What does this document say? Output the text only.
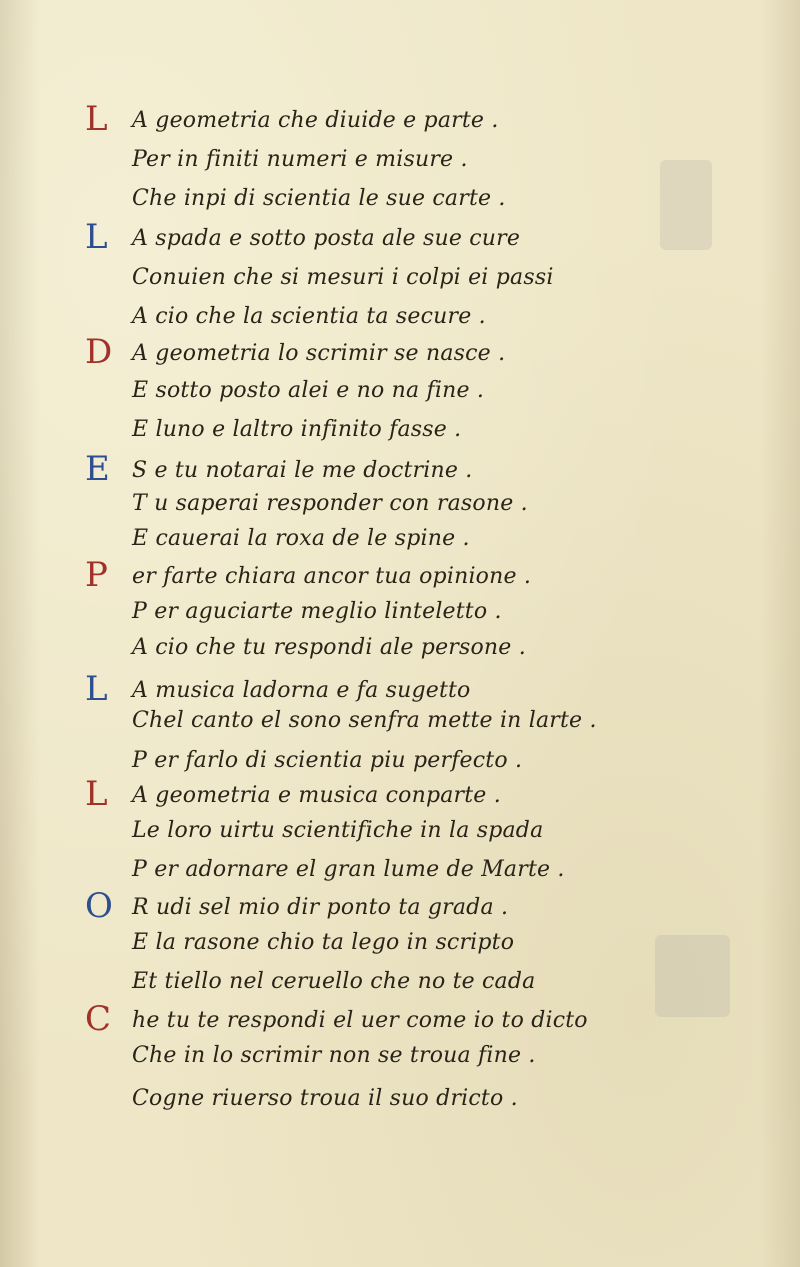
L	A geometria che diuide e parte .
Per in finiti numeri e misure .
Che inpi di scientia le sue carte .
L	A spada e sotto posta ale sue cure
Conuien che si mesuri i colpi ei passi
A cio che la scientia ta secure .
D A geometria lo scrimir se nasce .
E sotto posto alei e no na fine .
E luno e laltro infinito fasse .
E	S e tu notarai le me doctrine .
T u saperai responder con rasone .
E cauerai la roxa de le spine .
P	er farte chiara ancor tua opinione .
P er aguciarte meglio linteletto .
A cio che tu respondi ale persone .
L	A musica ladorna e fa sugetto
Chel canto el sono senfra mette in larte .
P er farlo di scientia piu perfecto .
L	A geometria e musica conparte .
Le loro uirtu scientifiche in la spada
P er adornare el gran lume de Marte .
O R udi sel mio dir ponto ta grada .
E la rasone chio ta lego in scripto
Et tiello nel ceruello che no te cada
C he tu te respondi el uer come io to dicto
Che in lo scrimir non se troua fine .
Cogne riuerso troua il suo dricto .
